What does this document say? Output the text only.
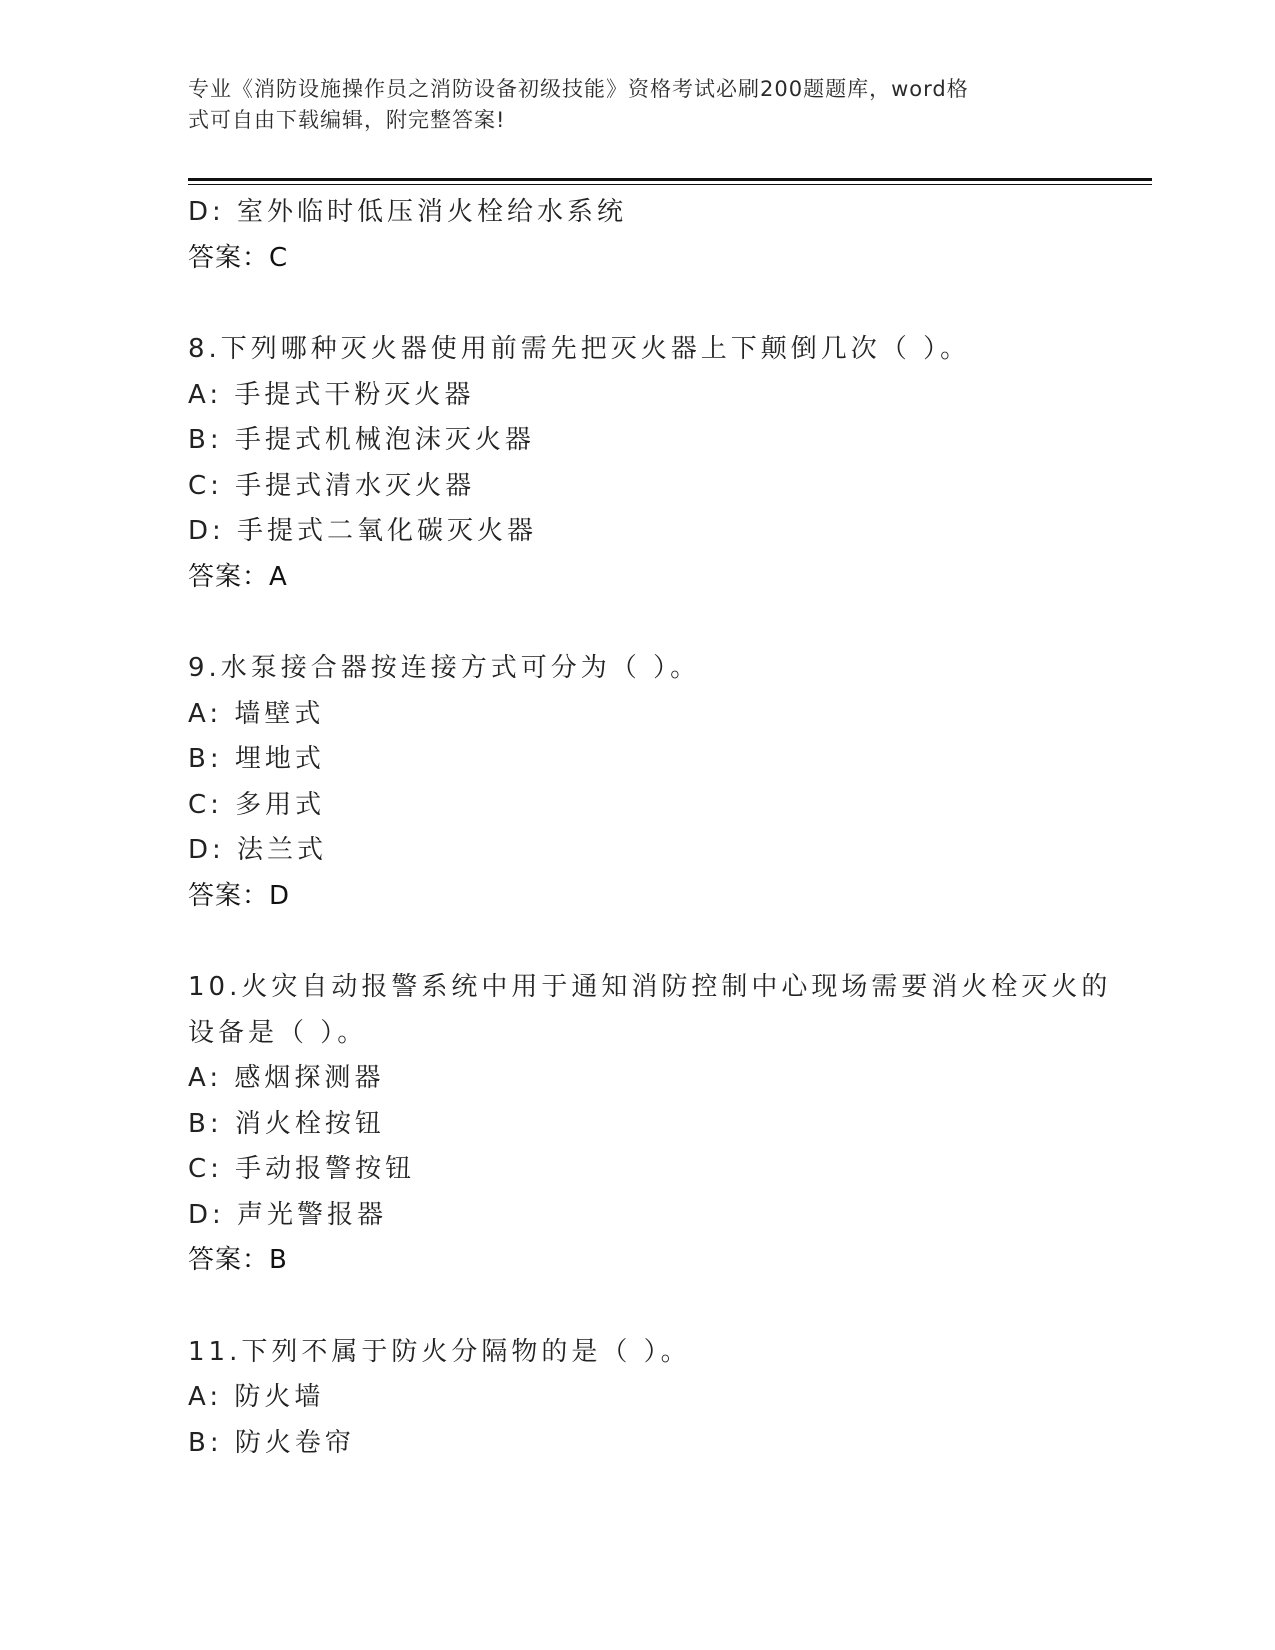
专业《消防设施操作员之消防设备初级技能》资格考试必刷200题题库，word格
式可自由下载编辑，附完整答案!
D: 室外临时低压消火栓给水系统
答案：C
8.下列哪种灭火器使用前需先把灭火器上下颠倒几次（ ）。
A: 手提式干粉灭火器
B: 手提式机械泡沫灭火器
C: 手提式清水灭火器
D: 手提式二氧化碳灭火器
答案：A
9.水泵接合器按连接方式可分为（ ）。
A: 墙壁式
B: 埋地式
C: 多用式
D: 法兰式
答案：D
10.火灾自动报警系统中用于通知消防控制中心现场需要消火栓灭火的
设备是（ ）。
A: 感烟探测器
B: 消火栓按钮
C: 手动报警按钮
D: 声光警报器
答案：B
11.下列不属于防火分隔物的是（ ）。
A: 防火墙
B: 防火卷帘
